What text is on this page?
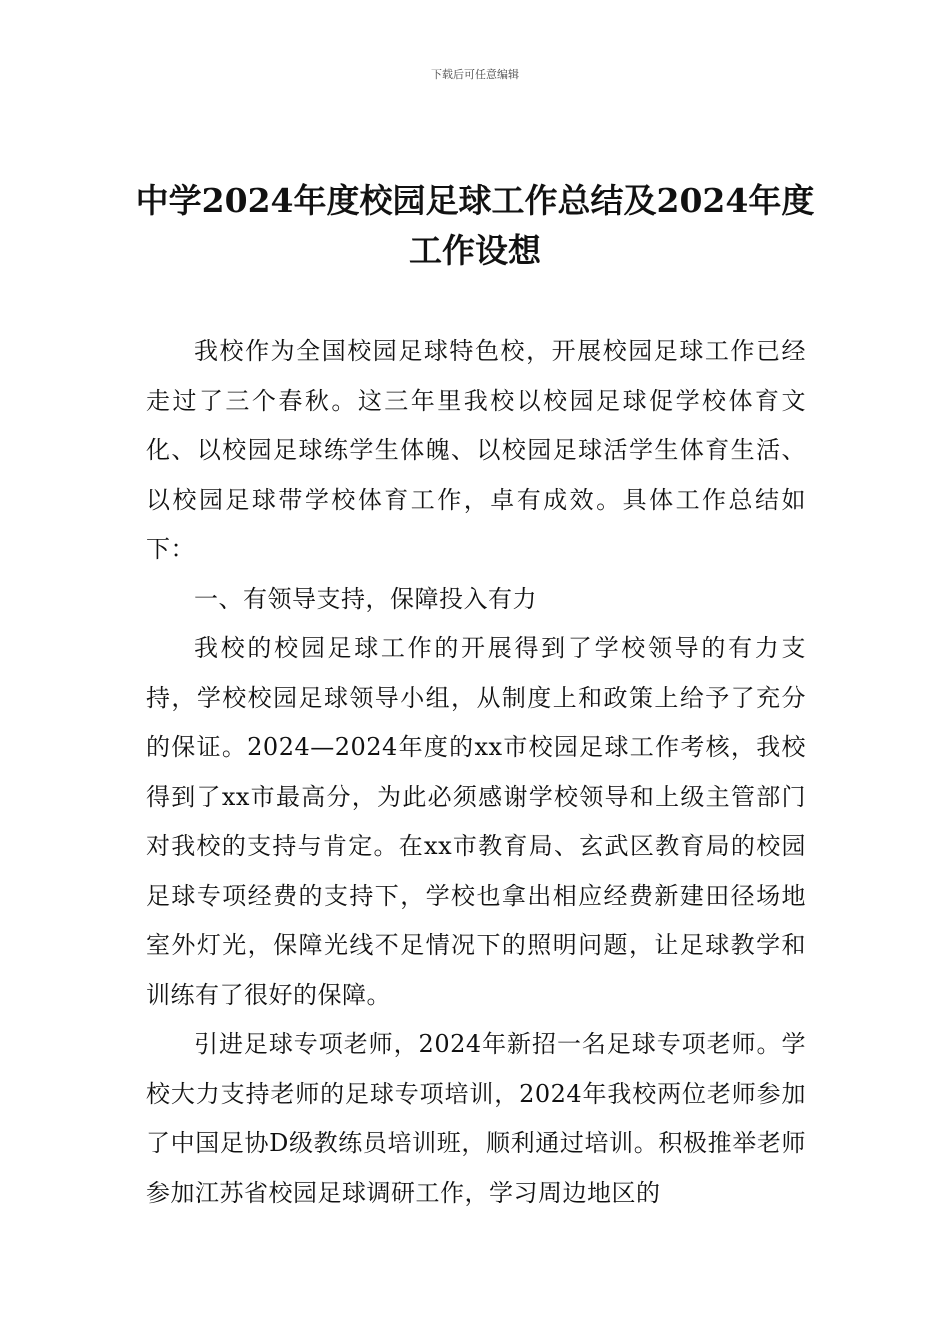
下载后可任意编辑
中学2024年度校园足球工作总结及2024年度工作设想

我校作为全国校园足球特色校，开展校园足球工作已经走过了三个春秋。这三年里我校以校园足球促学校体育文化、以校园足球练学生体魄、以校园足球活学生体育生活、以校园足球带学校体育工作，卓有成效。具体工作总结如下：

一、有领导支持，保障投入有力

我校的校园足球工作的开展得到了学校领导的有力支持，学校校园足球领导小组，从制度上和政策上给予了充分的保证。2024—2024年度的xx市校园足球工作考核，我校得到了xx市最高分，为此必须感谢学校领导和上级主管部门对我校的支持与肯定。在xx市教育局、玄武区教育局的校园足球专项经费的支持下，学校也拿出相应经费新建田径场地室外灯光，保障光线不足情况下的照明问题，让足球教学和训练有了很好的保障。

引进足球专项老师，2024年新招一名足球专项老师。学校大力支持老师的足球专项培训，2024年我校两位老师参加了中国足协D级教练员培训班，顺利通过培训。积极推举老师参加江苏省校园足球调研工作，学习周边地区的
